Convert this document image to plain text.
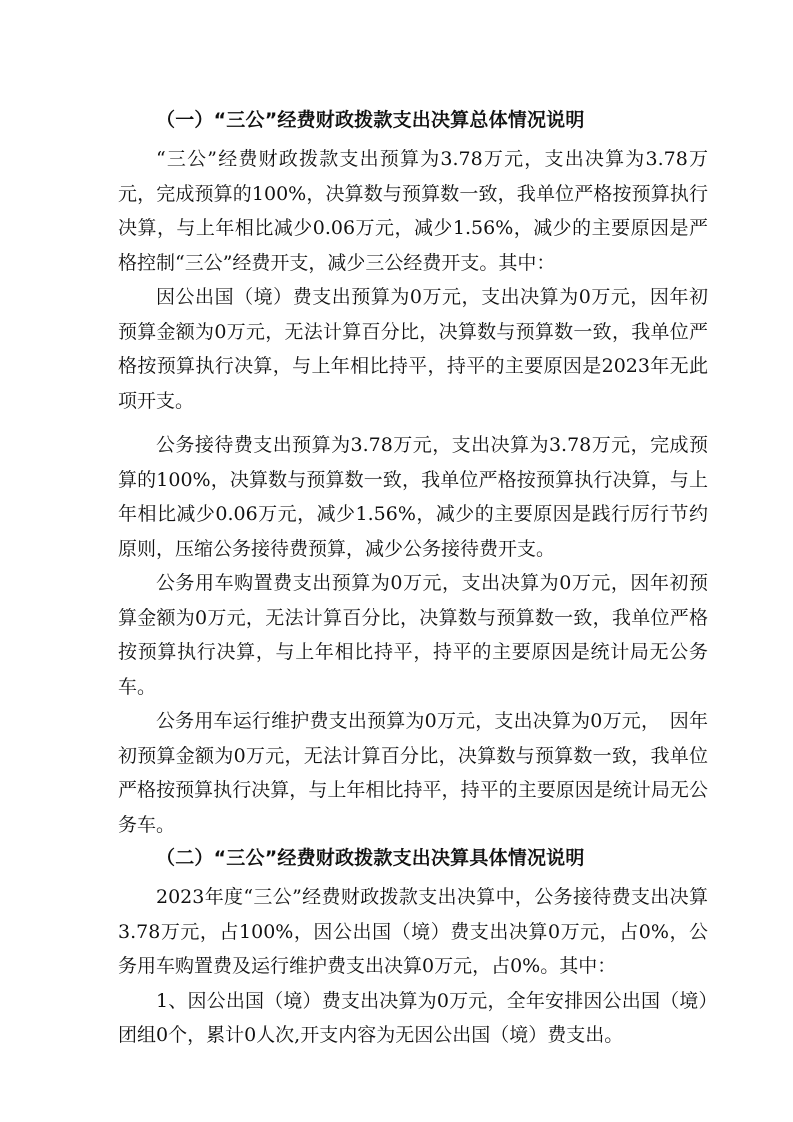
（一）“三公”经费财政拨款支出决算总体情况说明

“三公”经费财政拨款支出预算为3.78万元，支出决算为3.78万元，完成预算的100%，决算数与预算数一致，我单位严格按预算执行决算，与上年相比减少0.06万元，减少1.56%，减少的主要原因是严格控制“三公”经费开支，减少三公经费开支。其中：

因公出国（境）费支出预算为0万元，支出决算为0万元，因年初预算金额为0万元，无法计算百分比，决算数与预算数一致，我单位严格按预算执行决算，与上年相比持平，持平的主要原因是2023年无此项开支。

公务接待费支出预算为3.78万元，支出决算为3.78万元，完成预算的100%，决算数与预算数一致，我单位严格按预算执行决算，与上年相比减少0.06万元，减少1.56%，减少的主要原因是践行厉行节约原则，压缩公务接待费预算，减少公务接待费开支。

公务用车购置费支出预算为0万元，支出决算为0万元，因年初预算金额为0万元，无法计算百分比，决算数与预算数一致，我单位严格按预算执行决算，与上年相比持平，持平的主要原因是统计局无公务车。

公务用车运行维护费支出预算为0万元，支出决算为0万元，　因年初预算金额为0万元，无法计算百分比，决算数与预算数一致，我单位严格按预算执行决算，与上年相比持平，持平的主要原因是统计局无公务车。

（二）“三公”经费财政拨款支出决算具体情况说明

2023年度“三公”经费财政拨款支出决算中，公务接待费支出决算3.78万元，占100%，因公出国（境）费支出决算0万元，占0%，公务用车购置费及运行维护费支出决算0万元，占0%。其中：

1、因公出国（境）费支出决算为0万元，全年安排因公出国（境）团组0个，累计0人次,开支内容为无因公出国（境）费支出。
